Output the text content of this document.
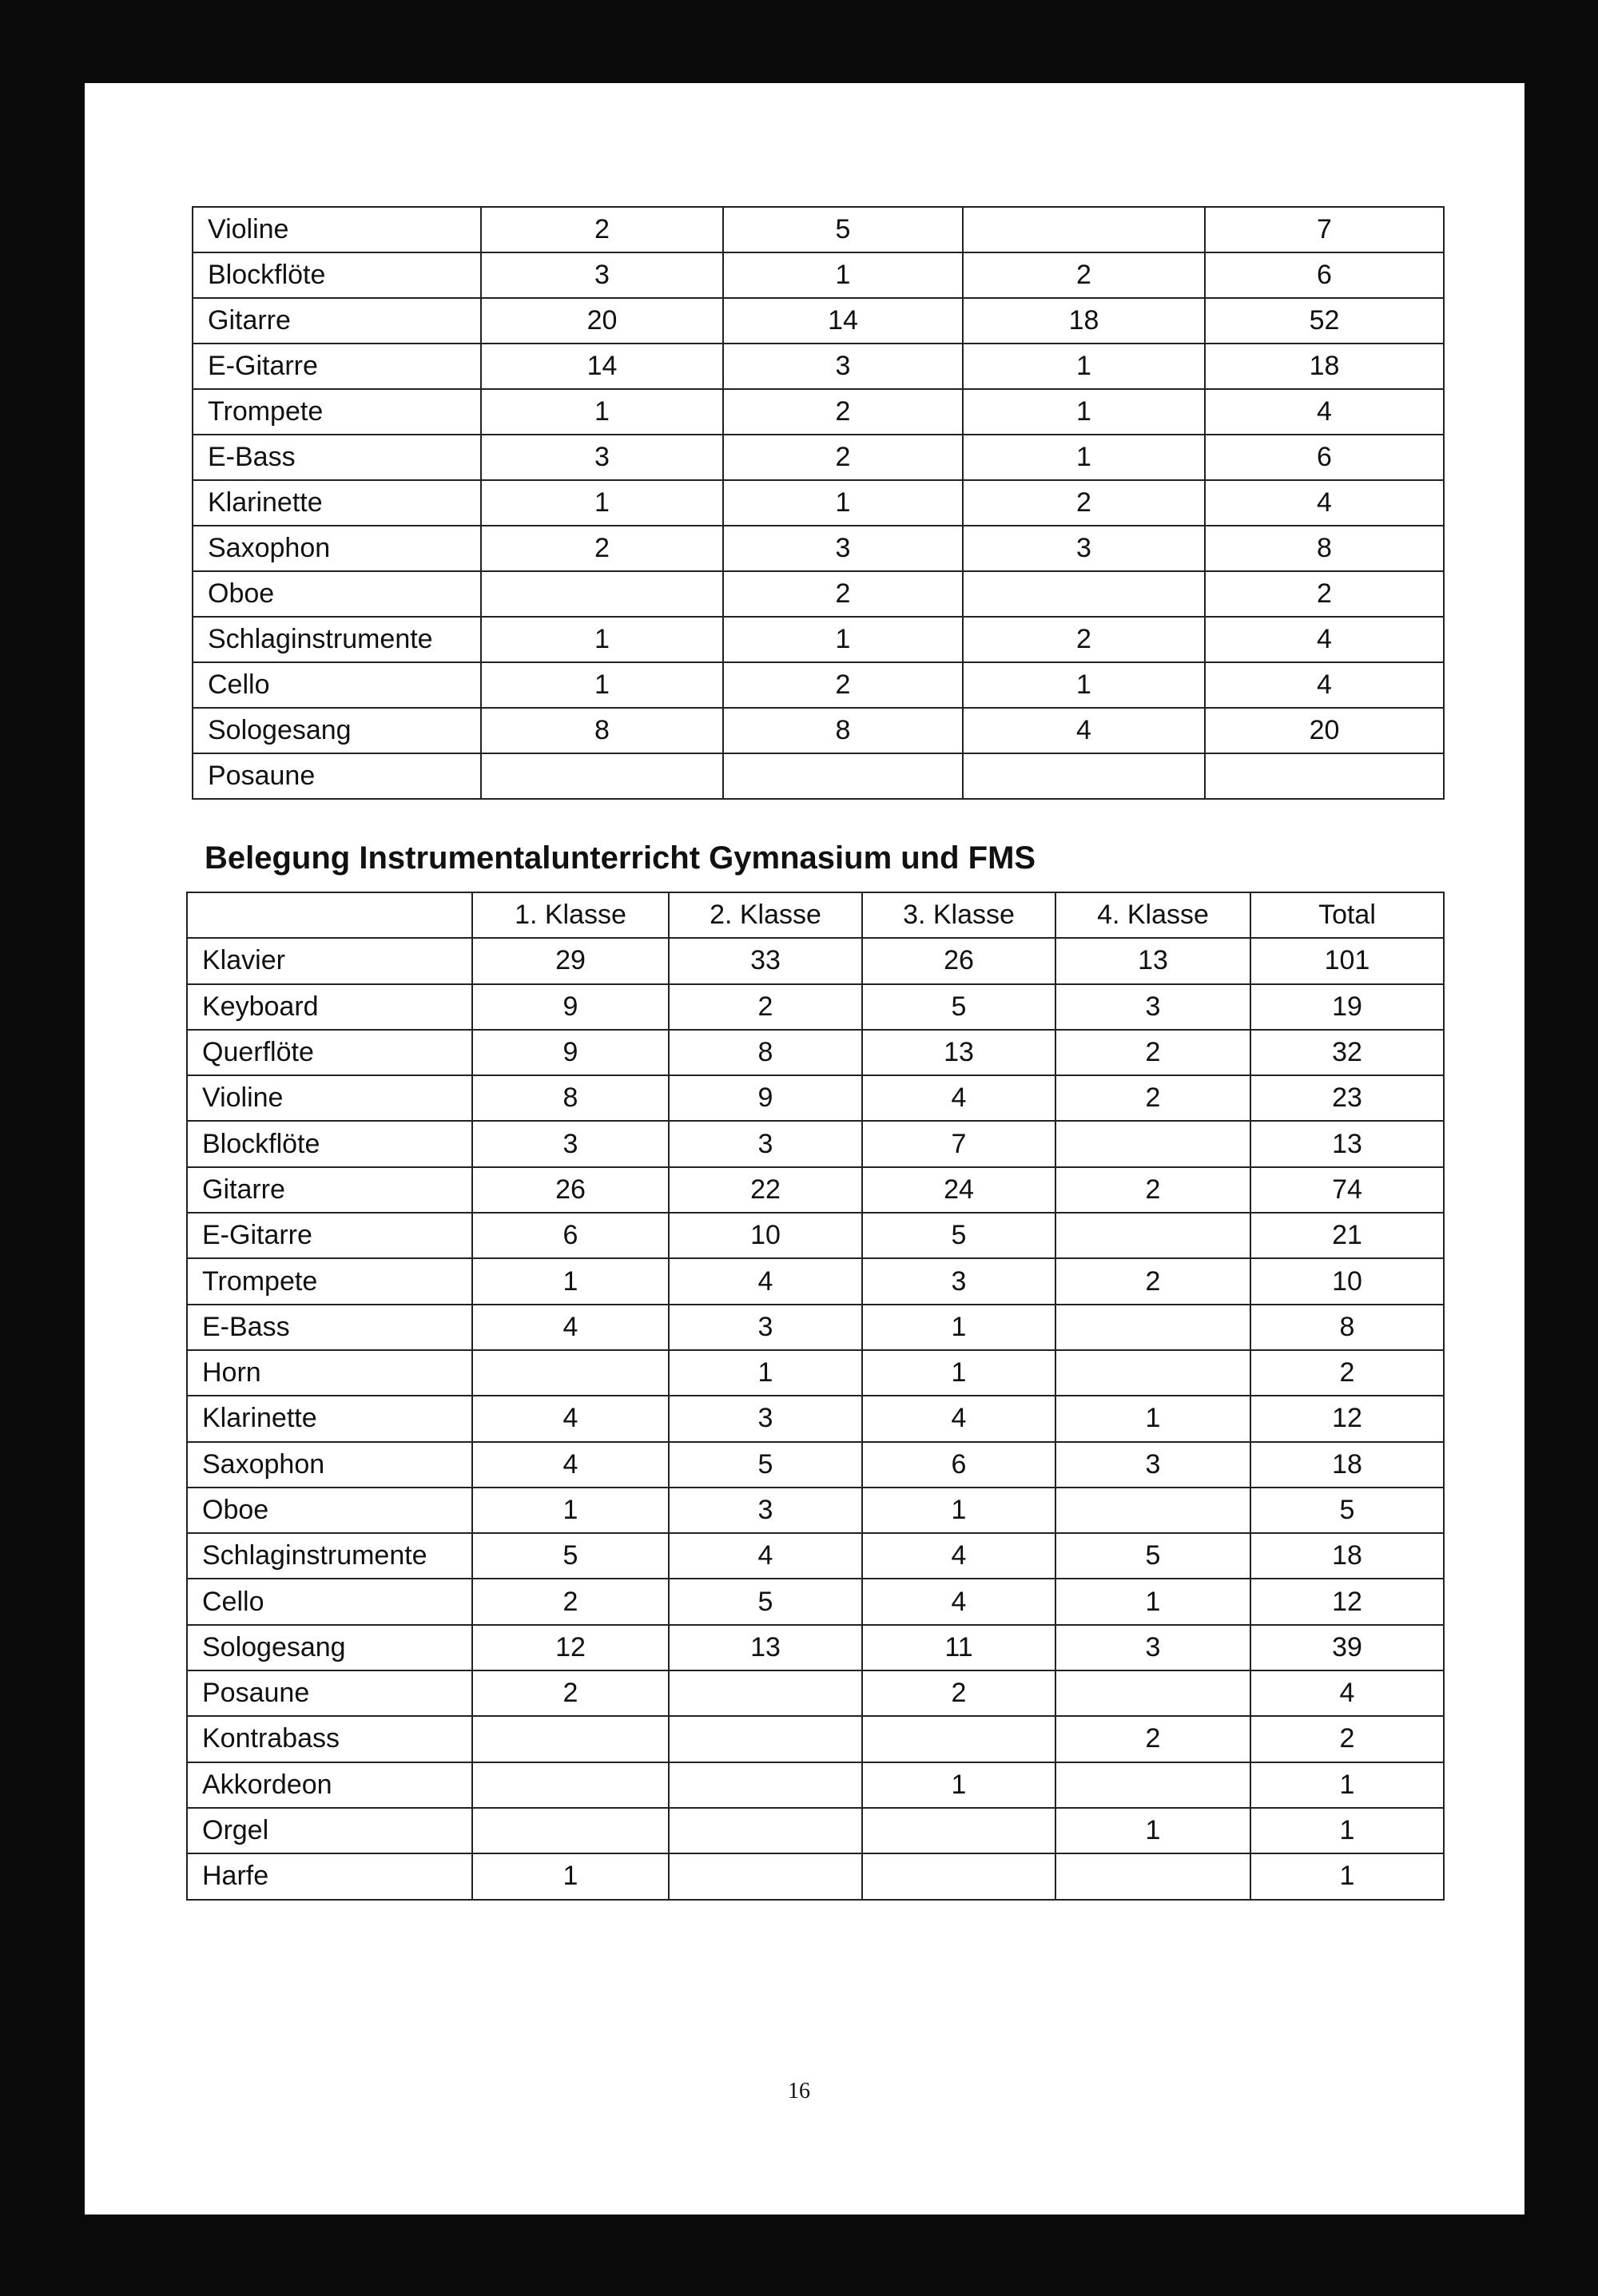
Violine	2	5		7
Blockflöte	3	1	2	6
Gitarre	20	14	18	52
E-Gitarre	14	3	1	18
Trompete	1	2	1	4
E-Bass	3	2	1	6
Klarinette	1	1	2	4
Saxophon	2	3	3	8
Oboe		2		2
Schlaginstrumente	1	1	2	4
Cello	1	2	1	4
Sologesang	8	8	4	20
Posaune				
Belegung Instrumentalunterricht Gymnasium und FMS
	1. Klasse	2. Klasse	3. Klasse	4. Klasse	Total
Klavier	29	33	26	13	101
Keyboard	9	2	5	3	19
Querflöte	9	8	13	2	32
Violine	8	9	4	2	23
Blockflöte	3	3	7		13
Gitarre	26	22	24	2	74
E-Gitarre	6	10	5		21
Trompete	1	4	3	2	10
E-Bass	4	3	1		8
Horn		1	1		2
Klarinette	4	3	4	1	12
Saxophon	4	5	6	3	18
Oboe	1	3	1		5
Schlaginstrumente	5	4	4	5	18
Cello	2	5	4	1	12
Sologesang	12	13	11	3	39
Posaune	2		2		4
Kontrabass				2	2
Akkordeon			1		1
Orgel				1	1
Harfe	1				1
16
